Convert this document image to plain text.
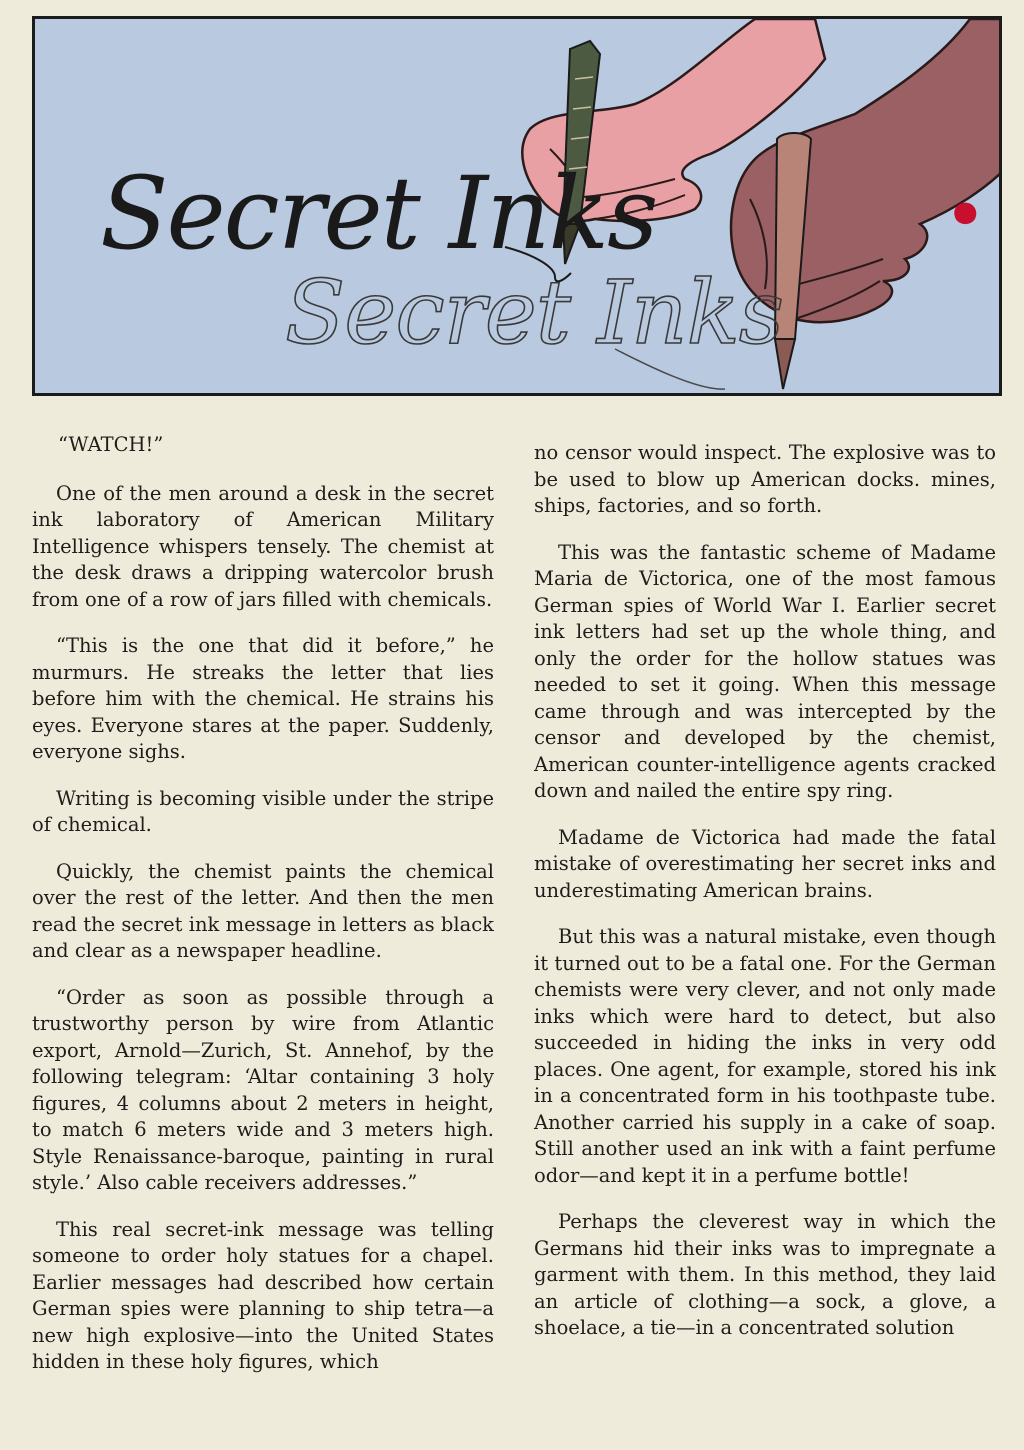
Secret Inks
Secret Inks

“WATCH!”

One of the men around a desk in the secret ink laboratory of American Military Intelligence whispers tensely. The chemist at the desk draws a dripping watercolor brush from one of a row of jars filled with chemicals.

“This is the one that did it before,” he murmurs. He streaks the letter that lies before him with the chemical. He strains his eyes. Everyone stares at the paper. Suddenly, everyone sighs.

Writing is becoming visible under the stripe of chemical.

Quickly, the chemist paints the chemical over the rest of the letter. And then the men read the secret ink message in letters as black and clear as a newspaper headline.

“Order as soon as possible through a trustworthy person by wire from Atlantic export, Arnold—Zurich, St. Annehof, by the following telegram: ‘Altar containing 3 holy figures, 4 columns about 2 meters in height, to match 6 meters wide and 3 meters high. Style Renaissance-baroque, painting in rural style.’ Also cable receivers addresses.”

This real secret-ink message was telling someone to order holy statues for a chapel. Earlier messages had described how certain German spies were planning to ship tetra—a new high explosive—into the United States hidden in these holy figures, which

no censor would inspect. The explosive was to be used to blow up American docks. mines, ships, factories, and so forth.

This was the fantastic scheme of Madame Maria de Victorica, one of the most famous German spies of World War I. Earlier secret ink letters had set up the whole thing, and only the order for the hollow statues was needed to set it going. When this message came through and was intercepted by the censor and developed by the chemist, American counter-intelligence agents cracked down and nailed the entire spy ring.

Madame de Victorica had made the fatal mistake of overestimating her secret inks and underestimating American brains.

But this was a natural mistake, even though it turned out to be a fatal one. For the German chemists were very clever, and not only made inks which were hard to detect, but also succeeded in hiding the inks in very odd places. One agent, for example, stored his ink in a concentrated form in his toothpaste tube. Another carried his supply in a cake of soap. Still another used an ink with a faint perfume odor—and kept it in a perfume bottle!

Perhaps the cleverest way in which the Germans hid their inks was to impregnate a garment with them. In this method, they laid an article of clothing—a sock, a glove, a shoelace, a tie—in a concentrated solution
